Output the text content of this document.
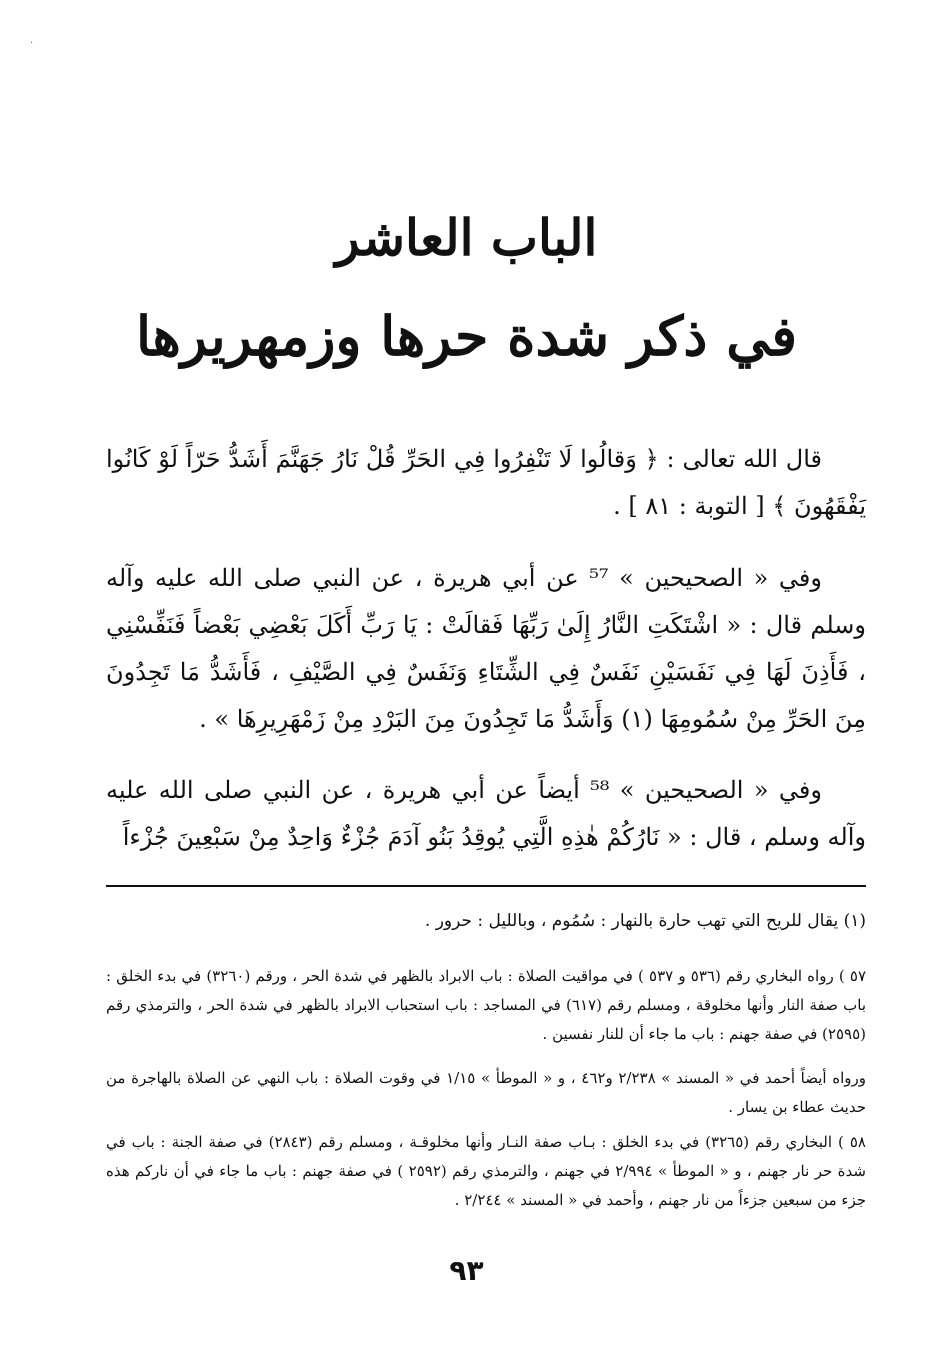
·
الباب العاشر
في ذكر شدة حرها وزمهريرها

قال الله تعالى : ﴿ وَقالُوا لَا تَنْفِرُوا فِي الحَرِّ قُلْ نَارُ جَهَنَّمَ أَشَدُّ حَرّاً لَوْ كَانُوا يَفْقَهُونَ ﴾ [ التوبة : ٨١ ] .

وفي « الصحيحين » ⁵⁷ عن أبي هريرة ، عن النبي صلى الله عليه وآله وسلم قال : « اشْتَكَتِ النَّارُ إِلَىٰ رَبِّهَا فَقالَتْ : يَا رَبِّ أَكَلَ بَعْضِي بَعْضاً فَنَفِّسْنِي ، فَأَذِنَ لَهَا فِي نَفَسَيْنِ نَفَسٌ فِي الشِّتَاءِ وَنَفَسٌ فِي الصَّيْفِ ، فَأَشَدُّ مَا تَجِدُونَ مِنَ الحَرِّ مِنْ سُمُومِهَا (١) وَأَشَدُّ مَا تَجِدُونَ مِنَ البَرْدِ مِنْ زَمْهَرِيرِهَا » .

وفي « الصحيحين » ⁵⁸ أيضاً عن أبي هريرة ، عن النبي صلى الله عليه وآله وسلم ، قال : « نَارُكُمْ هٰذِهِ الَّتِي يُوقِدُ بَنُو آدَمَ جُزْءٌ وَاحِدٌ مِنْ سَبْعِينَ جُزْءاً

(١) يقال للريح التي تهب حارة بالنهار : سُمُوم ، وبالليل : حرور .

٥٧ ) رواه البخاري رقم (٥٣٦ و ٥٣٧ ) في مواقيت الصلاة : باب الابراد بالظهر في شدة الحر ، ورقم (٣٢٦٠) في بدء الخلق : باب صفة النار وأنها مخلوقة ، ومسلم رقم (٦١٧) في المساجد : باب استحباب الابراد بالظهر في شدة الحر ، والترمذي رقم (٢٥٩٥) في صفة جهنم : باب ما جاء أن للنار نفسين .

ورواه أيضاً أحمد في « المسند » ٢/٢٣٨ و٤٦٢ ، و « الموطأ » ١/١٥ في وقوت الصلاة : باب النهي عن الصلاة بالهاجرة من حديث عطاء بن يسار .

٥٨ ) البخاري رقم (٣٢٦٥) في بدء الخلق : بـاب صفة النـار وأنها مخلوقـة ، ومسلم رقم (٢٨٤٣) في صفة الجنة : باب في شدة حر نار جهنم ، و « الموطأ » ٢/٩٩٤ في جهنم ، والترمذي رقم (٢٥٩٢ ) في صفة جهنم : باب ما جاء في أن ناركم هذه جزء من سبعين جزءاً من نار جهنم ، وأحمد في « المسند » ٢/٢٤٤ .

٩٣
